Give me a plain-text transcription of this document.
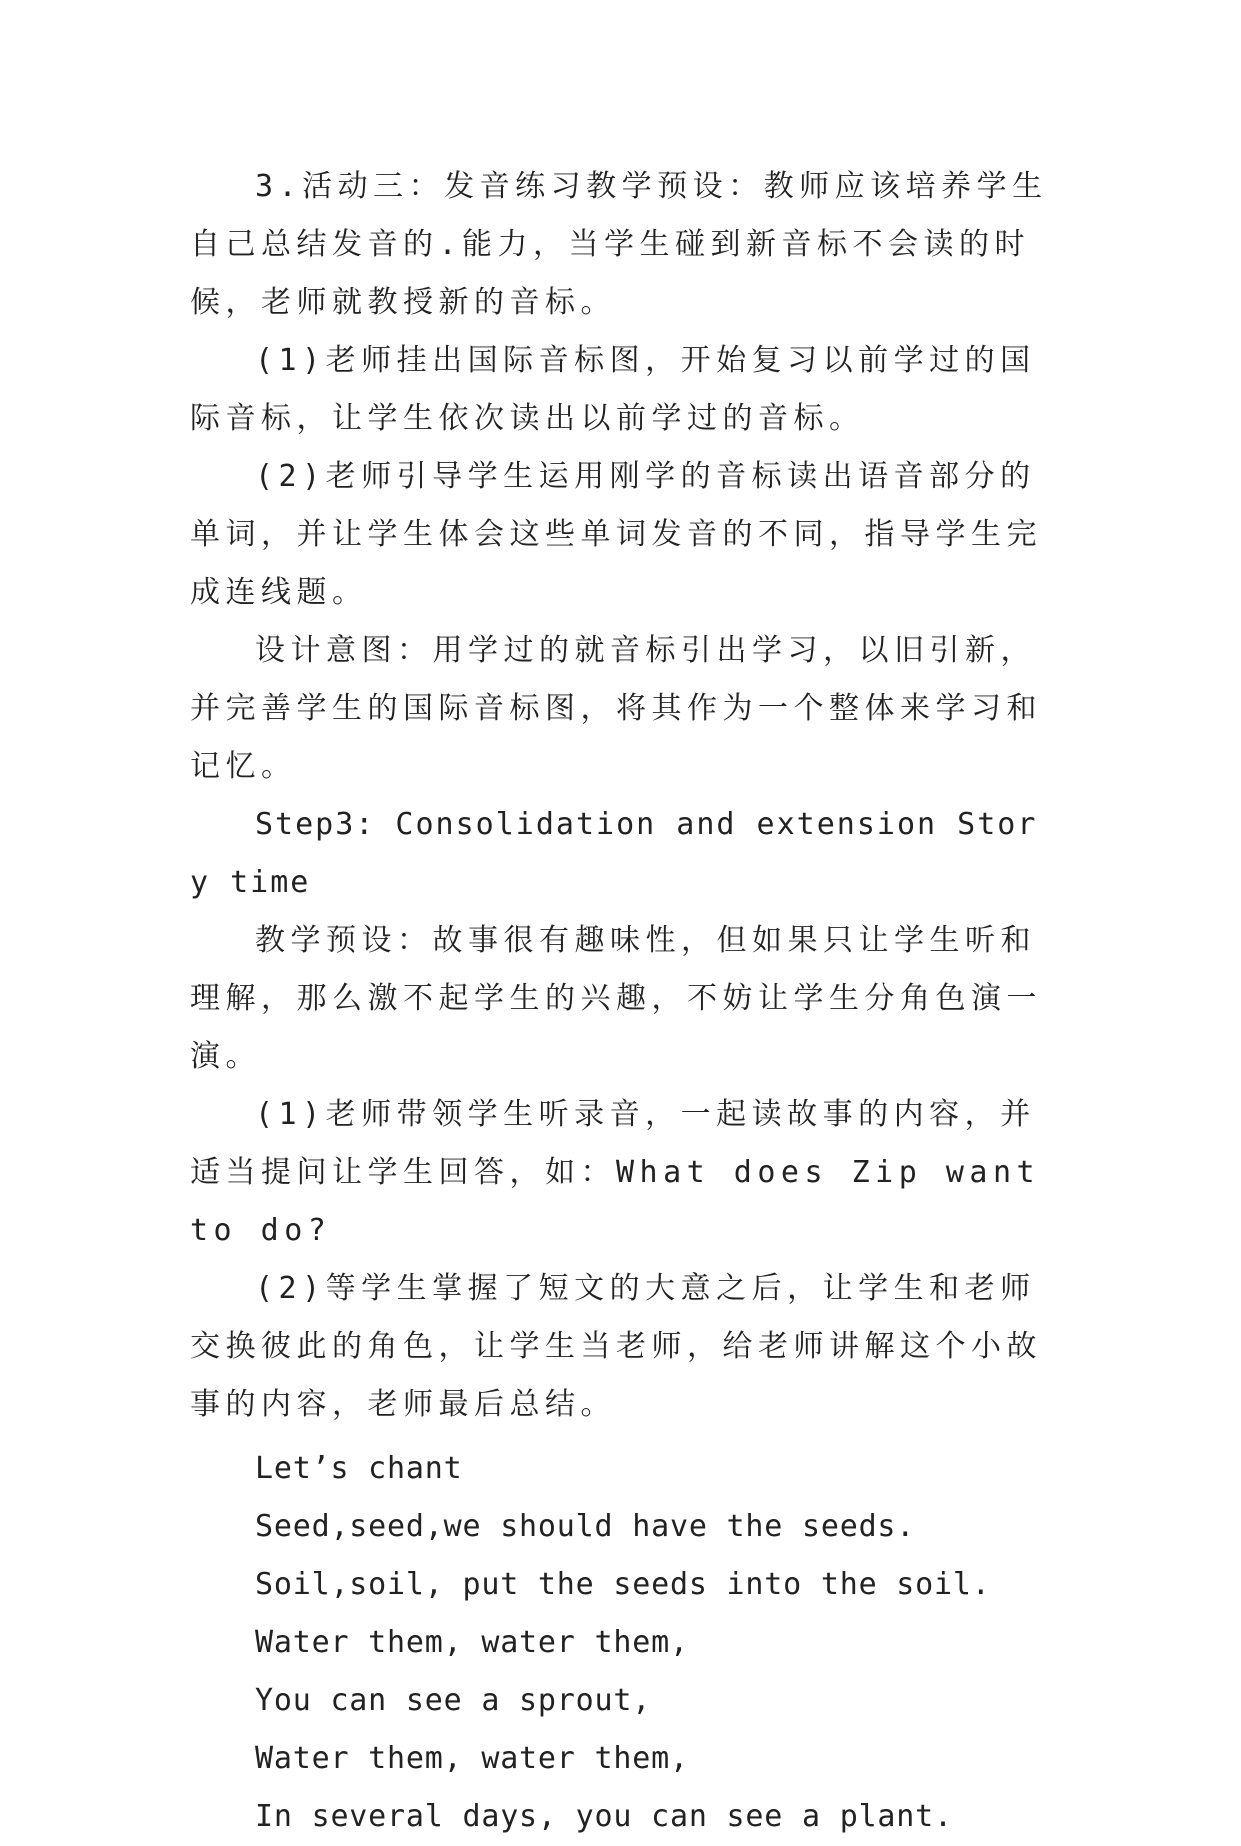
3.活动三：发音练习教学预设：教师应该培养学生自己总结发音的.能力，当学生碰到新音标不会读的时候，老师就教授新的音标。

(1)老师挂出国际音标图，开始复习以前学过的国际音标，让学生依次读出以前学过的音标。

(2)老师引导学生运用刚学的音标读出语音部分的单词，并让学生体会这些单词发音的不同，指导学生完成连线题。

设计意图：用学过的就音标引出学习，以旧引新，并完善学生的国际音标图，将其作为一个整体来学习和记忆。

Step3: Consolidation and extension Story time

教学预设：故事很有趣味性，但如果只让学生听和理解，那么激不起学生的兴趣，不妨让学生分角色演一演。

(1)老师带领学生听录音，一起读故事的内容，并适当提问让学生回答，如：What does Zip want to do?

(2)等学生掌握了短文的大意之后，让学生和老师交换彼此的角色，让学生当老师，给老师讲解这个小故事的内容，老师最后总结。

Let’s chant

Seed,seed,we should have the seeds.

Soil,soil, put the seeds into the soil.

Water them, water them,

You can see a sprout,

Water them, water them,

In several days, you can see a plant.
